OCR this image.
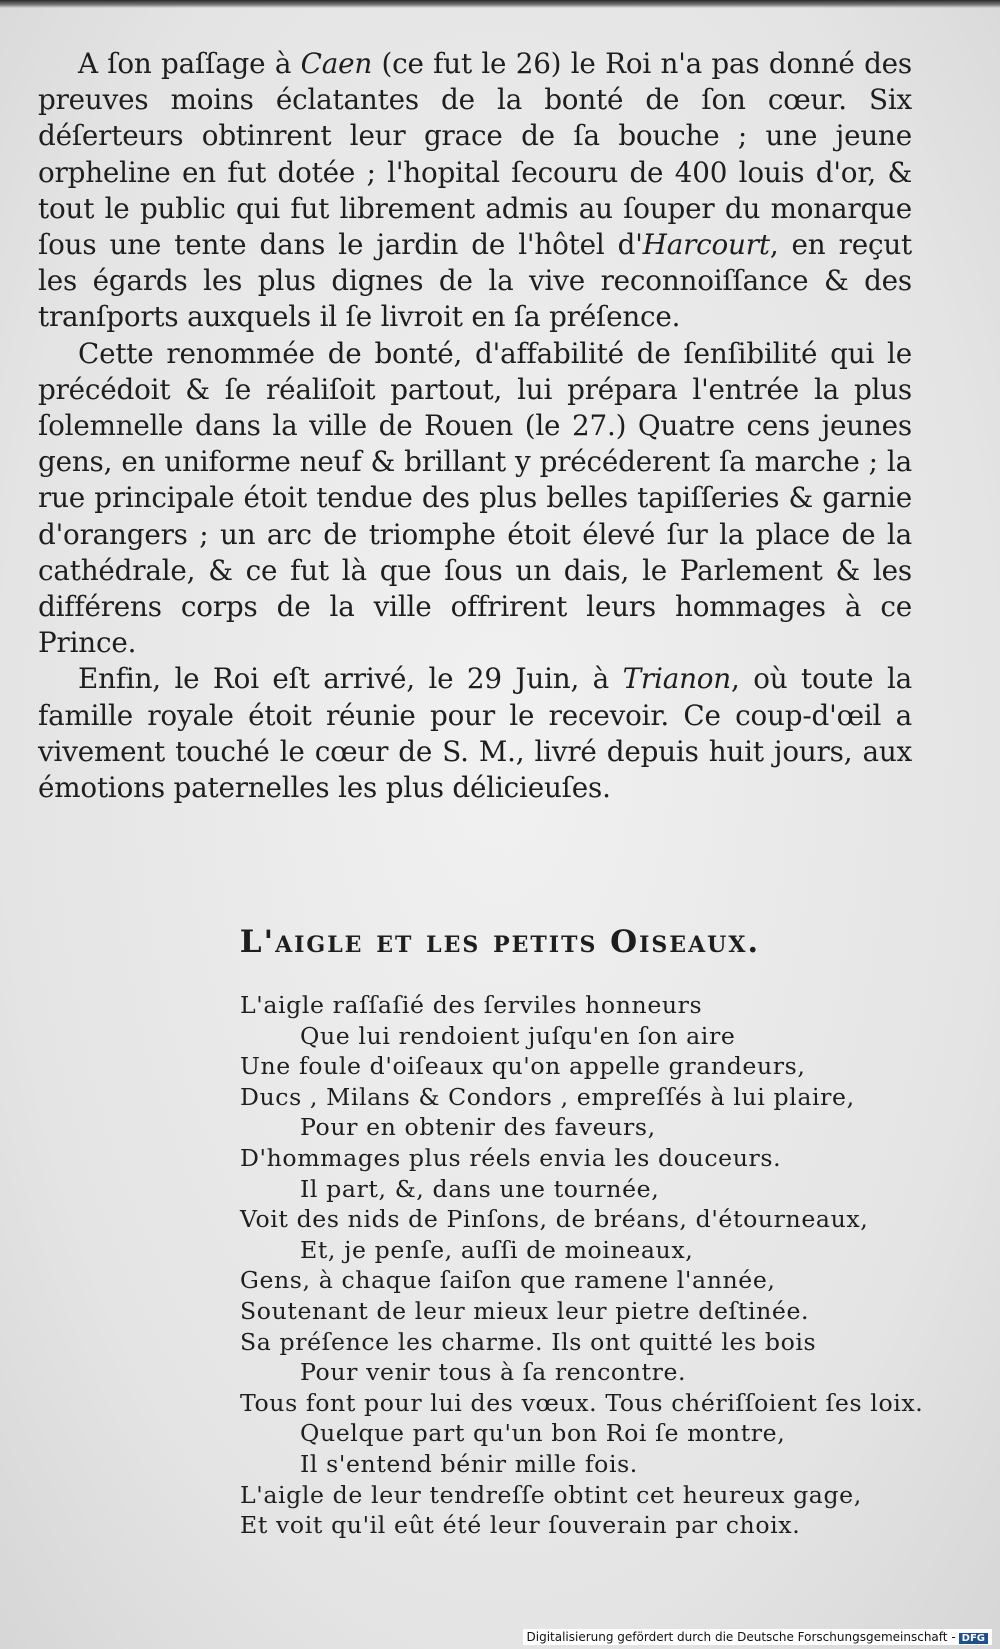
A ſon paſſage à Caen (ce fut le 26) le Roi n'a pas donné des preuves moins éclatantes de la bonté de ſon cœur. Six déſerteurs obtinrent leur grace de ſa bouche ; une jeune orpheline en fut dotée ; l'hopital ſecouru de 400 louis d'or, & tout le public qui fut librement admis au ſouper du monarque ſous une tente dans le jardin de l'hôtel d'Harcourt, en reçut les égards les plus dignes de la vive reconnoiſſance & des tranſports auxquels il ſe livroit en ſa préſence.

Cette renommée de bonté, d'affabilité de ſenſibilité qui le précédoit & ſe réaliſoit partout, lui prépara l'entrée la plus ſolemnelle dans la ville de Rouen (le 27.) Quatre cens jeunes gens, en uniforme neuf & brillant y précéderent ſa marche ; la rue principale étoit tendue des plus belles tapiſſeries & garnie d'orangers ; un arc de triomphe étoit élevé ſur la place de la cathédrale, & ce fut là que ſous un dais, le Parlement & les différens corps de la ville offrirent leurs hommages à ce Prince.

Enfin, le Roi eſt arrivé, le 29 Juin, à Trianon, où toute la famille royale étoit réunie pour le recevoir. Ce coup-d'œil a vivement touché le cœur de S. M., livré depuis huit jours, aux émotions paternelles les plus délicieuſes.

L'aigle et les petits Oiseaux.
L'aigle raſſaſié des ſerviles honneurs
Que lui rendoient juſqu'en ſon aire
Une foule d'oiſeaux qu'on appelle grandeurs,
Ducs , Milans & Condors , empreſſés à lui plaire,
Pour en obtenir des faveurs,
D'hommages plus réels envia les douceurs.
Il part, &, dans une tournée,
Voit des nids de Pinſons, de bréans, d'étourneaux,
Et, je penſe, auſſi de moineaux,
Gens, à chaque ſaiſon que ramene l'année,
Soutenant de leur mieux leur pietre deſtinée.
Sa préſence les charme. Ils ont quitté les bois
Pour venir tous à ſa rencontre.
Tous font pour lui des vœux. Tous chériſſoient ſes loix.
Quelque part qu'un bon Roi ſe montre,
Il s'entend bénir mille fois.
L'aigle de leur tendreſſe obtint cet heureux gage,
Et voit qu'il eût été leur ſouverain par choix.
Digitalisierung gefördert durch die Deutsche Forschungsgemeinschaft - DFG
